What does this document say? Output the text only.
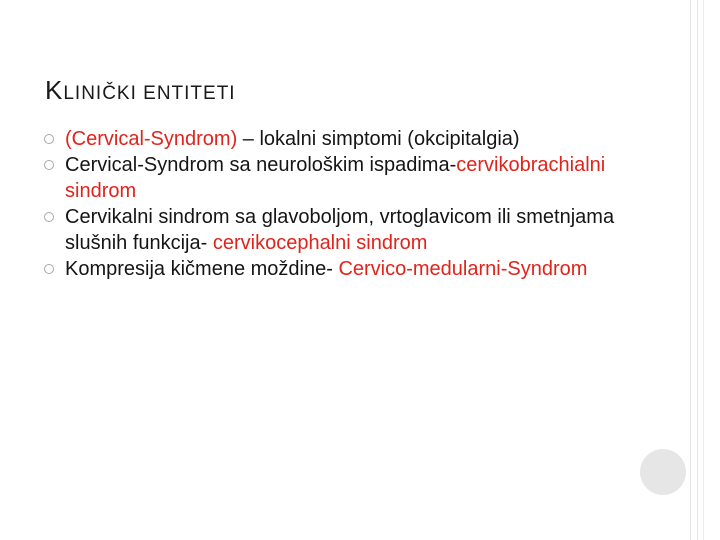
KLINIČKI ENTITETI
(Cervical-Syndrom) – lokalni simptomi (okcipitalgia)
Cervical-Syndrom sa neurološkim ispadima-cervikobrachialni sindrom
Cervikalni sindrom sa glavoboljom, vrtoglavicom ili smetnjama slušnih funkcija- cervikocephalni sindrom
Kompresija kičmene moždine- Cervico-medularni-Syndrom
